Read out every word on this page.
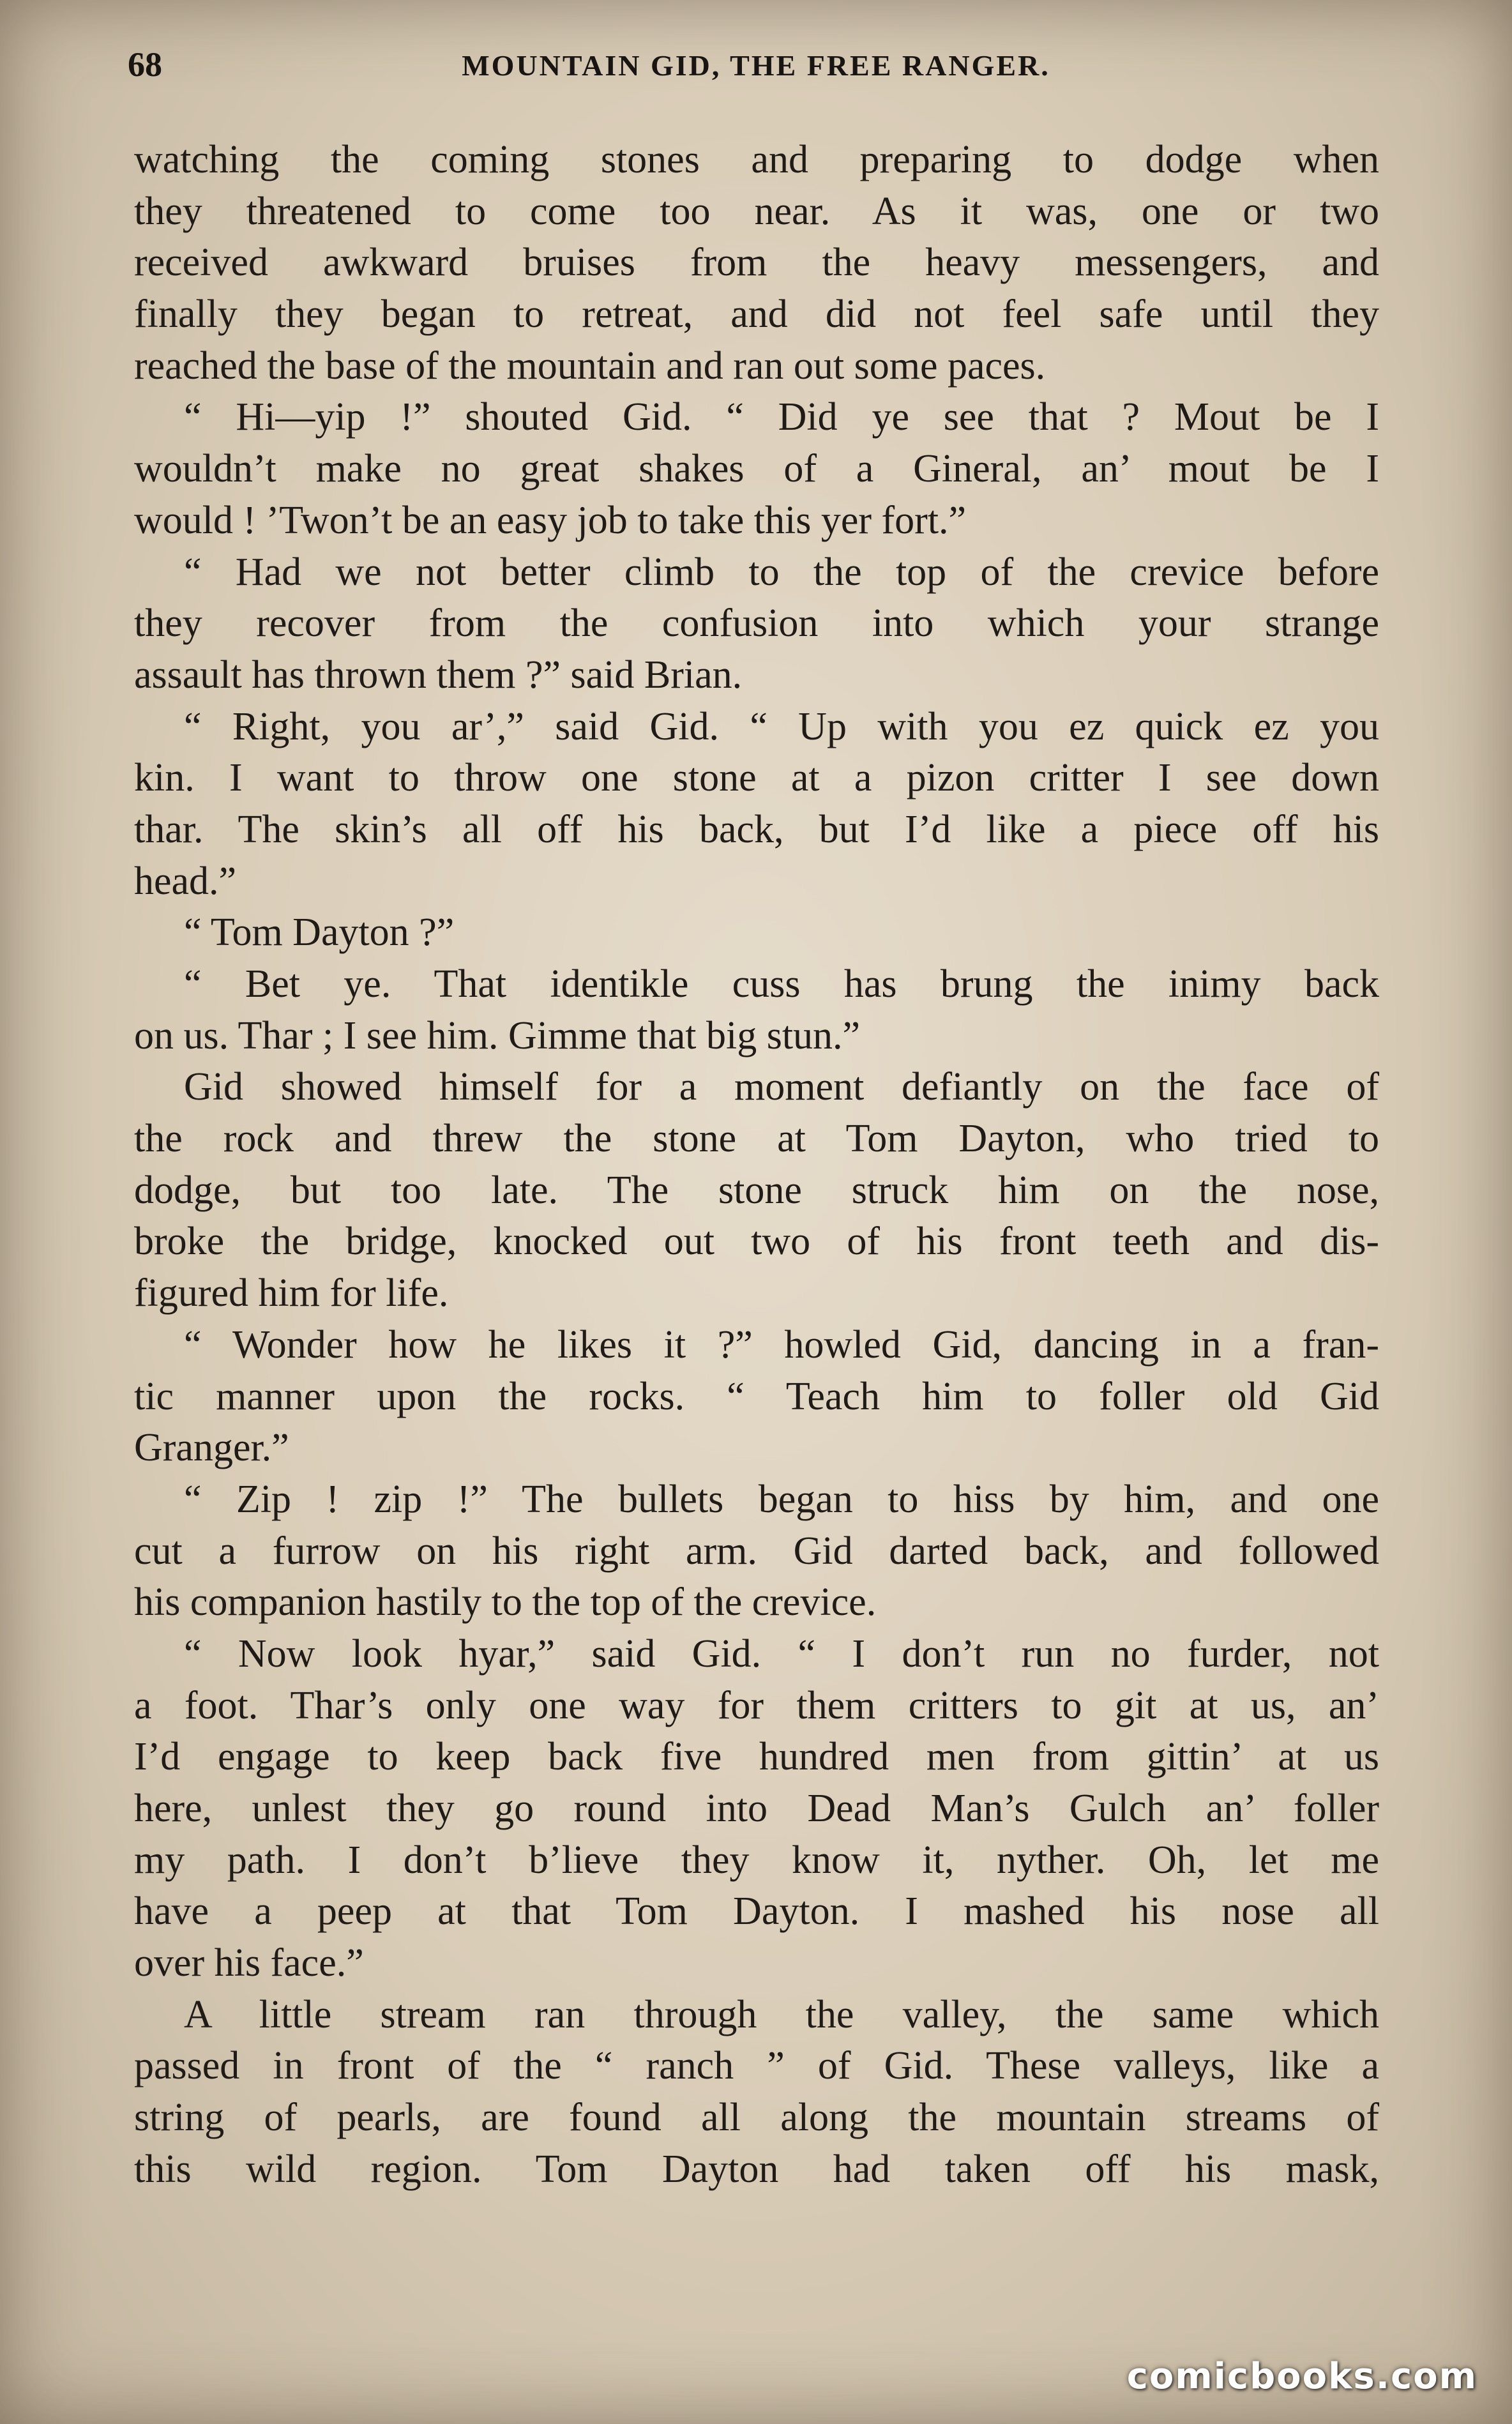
68	MOUNTAIN GID, THE FREE RANGER.
watching the coming stones and preparing to dodge when
they threatened to come too near. As it was, one or two
received awkward bruises from the heavy messengers, and
finally they began to retreat, and did not feel safe until they
reached the base of the mountain and ran out some paces.
“ Hi—yip !” shouted Gid. “ Did ye see that ? Mout be I
wouldn’t make no great shakes of a Gineral, an’ mout be I
would ! ’Twon’t be an easy job to take this yer fort.”
“ Had we not better climb to the top of the crevice before
they recover from the confusion into which your strange
assault has thrown them ?” said Brian.
“ Right, you ar’,” said Gid. “ Up with you ez quick ez you
kin. I want to throw one stone at a pizon critter I see down
thar. The skin’s all off his back, but I’d like a piece off his
head.”
“ Tom Dayton ?”
“ Bet ye. That identikle cuss has brung the inimy back
on us. Thar ; I see him. Gimme that big stun.”
Gid showed himself for a moment defiantly on the face of
the rock and threw the stone at Tom Dayton, who tried to
dodge, but too late. The stone struck him on the nose,
broke the bridge, knocked out two of his front teeth and dis-
figured him for life.
“ Wonder how he likes it ?” howled Gid, dancing in a fran-
tic manner upon the rocks. “ Teach him to foller old Gid
Granger.”
“ Zip ! zip !” The bullets began to hiss by him, and one
cut a furrow on his right arm. Gid darted back, and followed
his companion hastily to the top of the crevice.
“ Now look hyar,” said Gid. “ I don’t run no furder, not
a foot. Thar’s only one way for them critters to git at us, an’
I’d engage to keep back five hundred men from gittin’ at us
here, unlest they go round into Dead Man’s Gulch an’ foller
my path. I don’t b’lieve they know it, nyther. Oh, let me
have a peep at that Tom Dayton. I mashed his nose all
over his face.”
A little stream ran through the valley, the same which
passed in front of the “ ranch ” of Gid. These valleys, like a
string of pearls, are found all along the mountain streams of
this wild region. Tom Dayton had taken off his mask,
comicbooks.com
